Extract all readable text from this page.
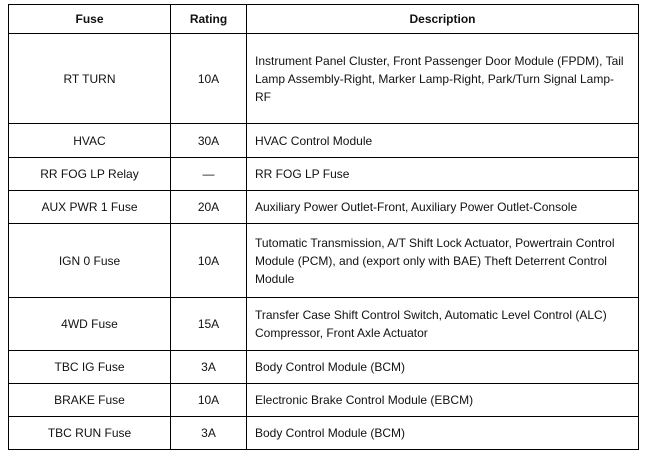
Fuse	Rating	Description
RT TURN	10A	Instrument Panel Cluster, Front Passenger Door Module (FPDM), Tail Lamp Assembly-Right, Marker Lamp-Right, Park/Turn Signal Lamp-RF
HVAC	30A	HVAC Control Module
RR FOG LP Relay	—	RR FOG LP Fuse
AUX PWR 1 Fuse	20A	Auxiliary Power Outlet-Front, Auxiliary Power Outlet-Console
IGN 0 Fuse	10A	Tutomatic Transmission, A/T Shift Lock Actuator, Powertrain Control Module (PCM), and (export only with BAE) Theft Deterrent Control Module
4WD Fuse	15A	Transfer Case Shift Control Switch, Automatic Level Control (ALC) Compressor, Front Axle Actuator
TBC IG Fuse	3A	Body Control Module (BCM)
BRAKE Fuse	10A	Electronic Brake Control Module (EBCM)
TBC RUN Fuse	3A	Body Control Module (BCM)
